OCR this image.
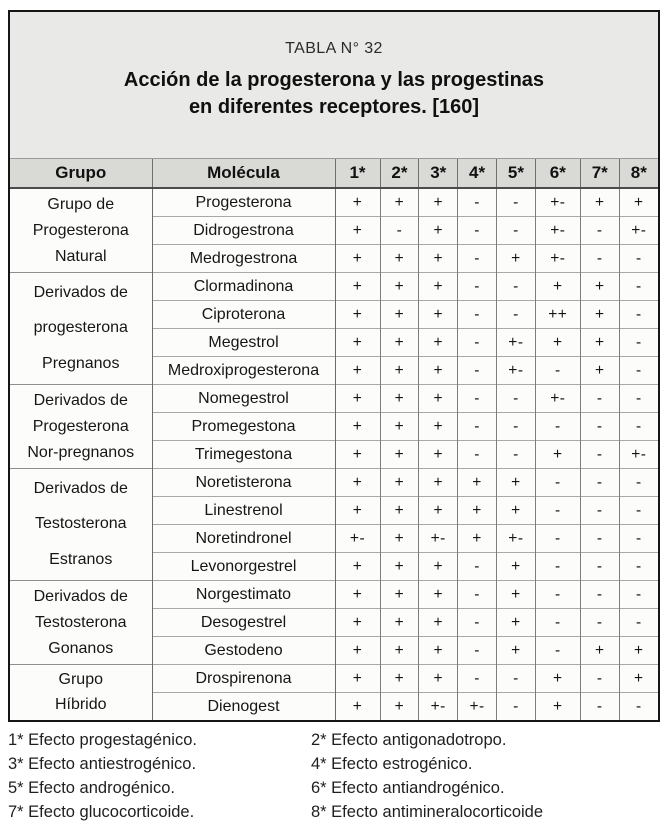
TABLA N° 32
Acción de la progesterona y las progestinas
en diferentes receptores. [160]
Grupo	Molécula	1*	2*	3*	4*	5*	6*	7*	8*

Grupo de
Progesterona
Natural	Progesterona	+	+	+	-	-	+-	+	+
	Didrogestrona	+	-	+	-	-	+-	-	+-
	Medrogestrona	+	+	+	-	+	+-	-	-

Derivados de
progesterona
Pregnanos	Clormadinona	+	+	+	-	-	+	+	-
	Ciproterona	+	+	+	-	-	++	+	-
	Megestrol	+	+	+	-	+-	+	+	-
	Medroxiprogesterona	+	+	+	-	+-	-	+	-

Derivados de
Progesterona
Nor-pregnanos	Nomegestrol	+	+	+	-	-	+-	-	-
	Promegestona	+	+	+	-	-	-	-	-
	Trimegestona	+	+	+	-	-	+	-	+-

Derivados de
Testosterona
Estranos	Noretisterona	+	+	+	+	+	-	-	-
	Linestrenol	+	+	+	+	+	-	-	-
	Noretindronel	+-	+	+-	+	+-	-	-	-
	Levonorgestrel	+	+	+	-	+	-	-	-

Derivados de
Testosterona
Gonanos	Norgestimato	+	+	+	-	+	-	-	-
	Desogestrel	+	+	+	-	+	-	-	-
	Gestodeno	+	+	+	-	+	-	+	+

Grupo
Híbrido	Drospirenona	+	+	+	-	-	+	-	+
	Dienogest	+	+	+-	+-	-	+	-	-
1* Efecto progestagénico.	2* Efecto antigonadotropo.
3* Efecto antiestrogénico.	4* Efecto estrogénico.
5* Efecto androgénico.	6* Efecto antiandrogénico.
7* Efecto glucocorticoide.	8* Efecto antimineralocorticoide
